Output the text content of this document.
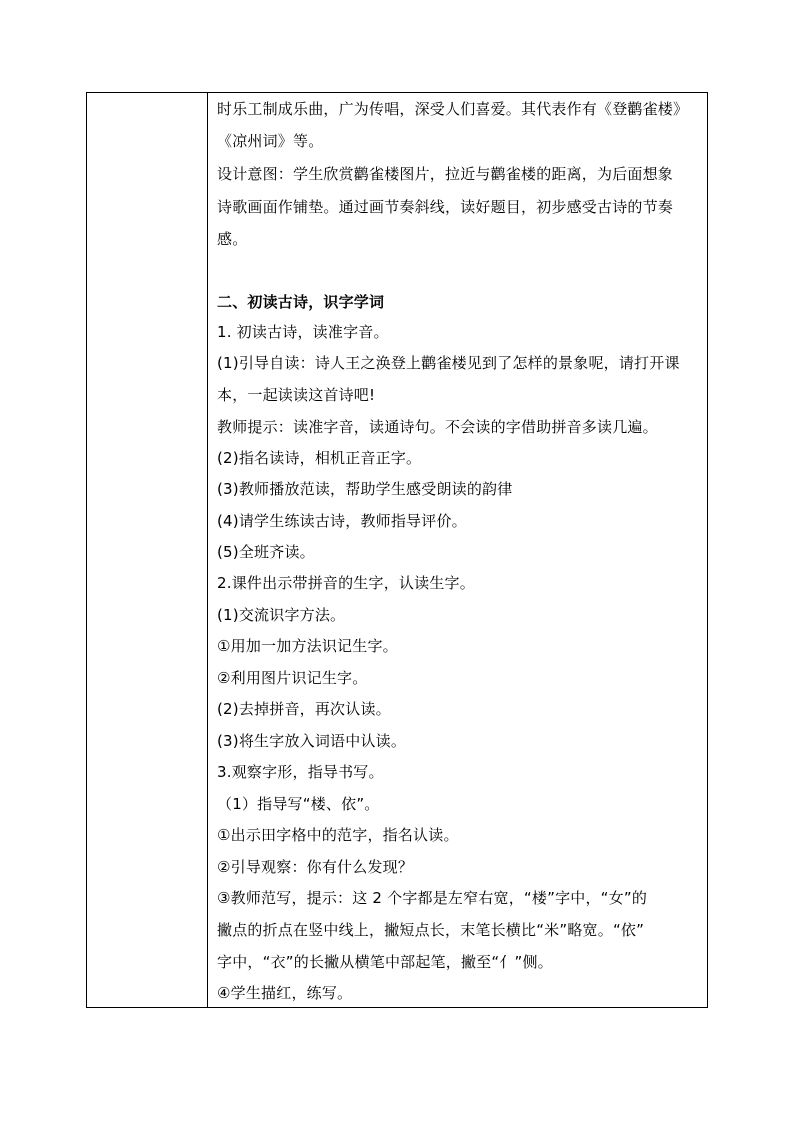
时乐工制成乐曲，广为传唱，深受人们喜爱。其代表作有《登鹳雀楼》
《凉州词》等。
设计意图：学生欣赏鹳雀楼图片，拉近与鹳雀楼的距离，为后面想象
诗歌画面作铺垫。通过画节奏斜线，读好题目，初步感受古诗的节奏
感。
二、初读古诗，识字学词
1. 初读古诗，读准字音。
(1)引导自读：诗人王之涣登上鹳雀楼见到了怎样的景象呢，请打开课
本，一起读读这首诗吧!
教师提示：读准字音，读通诗句。不会读的字借助拼音多读几遍。
(2)指名读诗，相机正音正字。
(3)教师播放范读，帮助学生感受朗读的韵律
(4)请学生练读古诗，教师指导评价。
(5)全班齐读。
2.课件出示带拼音的生字，认读生字。
(1)交流识字方法。
①用加一加方法识记生字。
②利用图片识记生字。
(2)去掉拼音，再次认读。
(3)将生字放入词语中认读。
3.观察字形，指导书写。
（1）指导写“楼、依”。
①出示田字格中的范字，指名认读。
②引导观察：你有什么发现？
③教师范写，提示：这 2 个字都是左窄右宽，“楼”字中，“女”的
撇点的折点在竖中线上，撇短点长，末笔长横比“米”略宽。“依”
字中，“衣”的长撇从横笔中部起笔，撇至“亻”侧。
④学生描红，练写。
